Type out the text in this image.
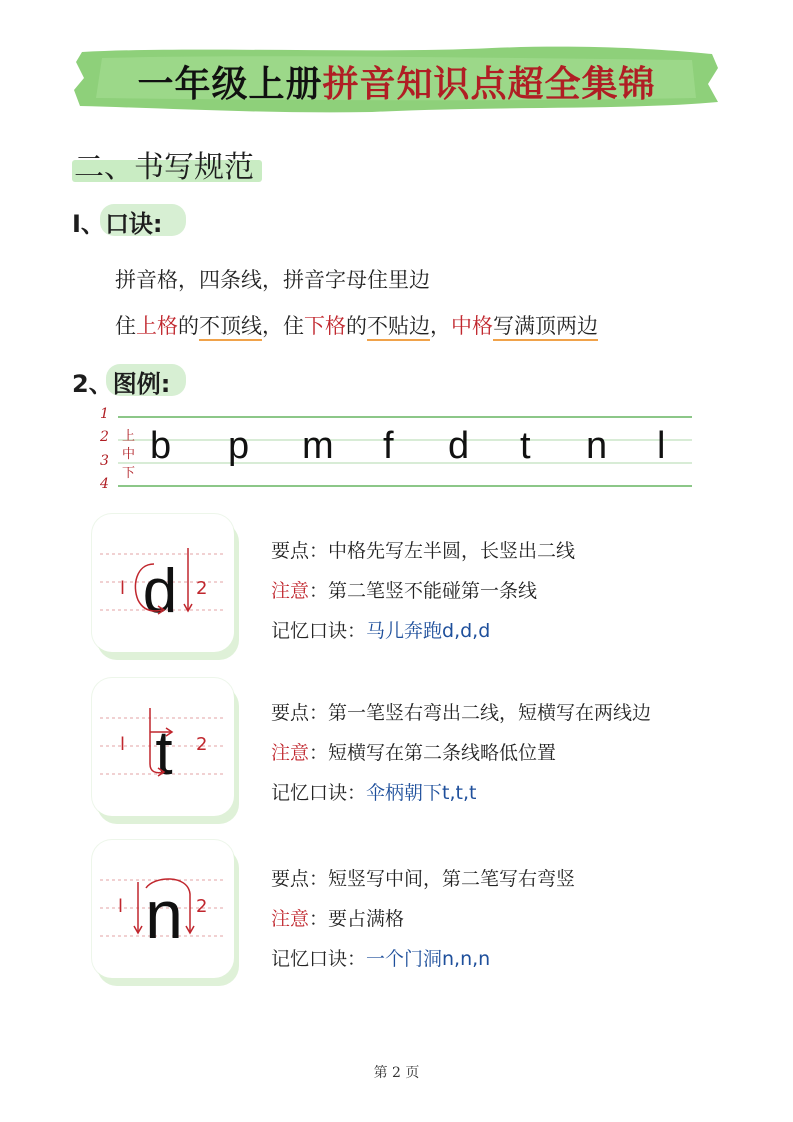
一年级上册拼音知识点超全集锦
二、书写规范
I、口诀:
拼音格，四条线，拼音字母住里边
住上格的不顶线，住下格的不贴边，中格写满顶两边
2、图例:
1
2
3
4
上
中
下
b p m f d t n l
d
l	2
要点：中格先写左半圆，长竖出二线
注意：第二笔竖不能碰第一条线
记忆口诀：马儿奔跑d,d,d
t
l	2
要点：第一笔竖右弯出二线，短横写在两线边
注意：短横写在第二条线略低位置
记忆口诀：伞柄朝下t,t,t
n
l	2
要点：短竖写中间，第二笔写右弯竖
注意：要占满格
记忆口诀：一个门洞n,n,n
第 2 页
